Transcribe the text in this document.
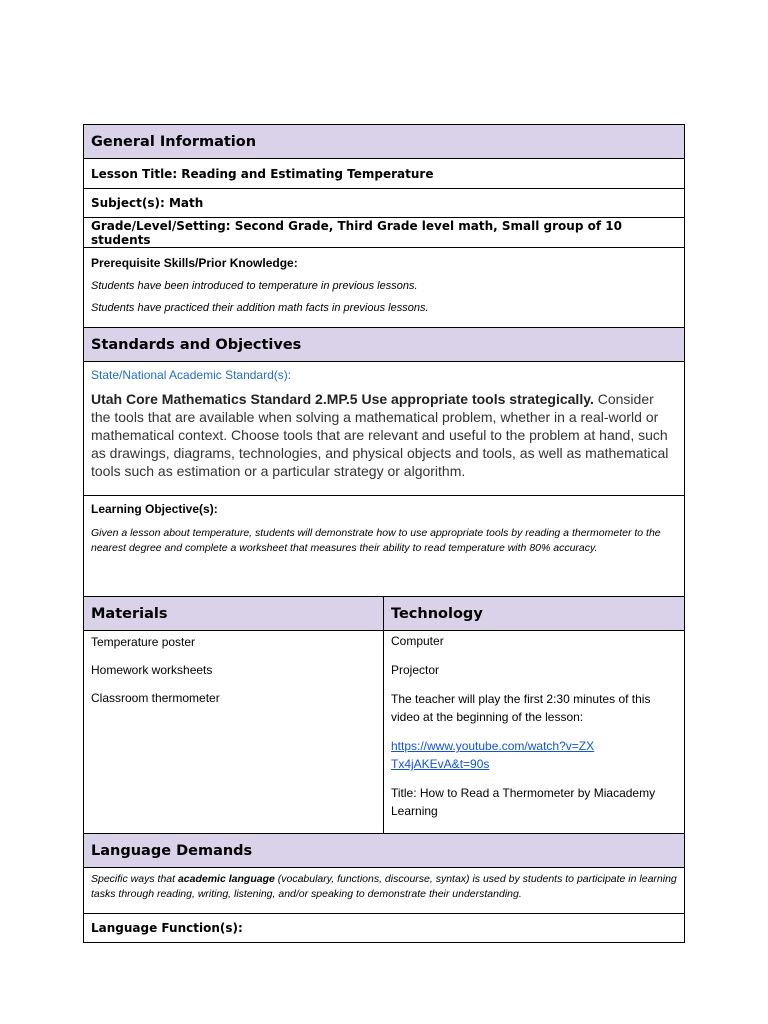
General Information
Lesson Title: Reading and Estimating Temperature
Subject(s): Math
Grade/Level/Setting: Second Grade, Third Grade level math, Small group of 10 students
Prerequisite Skills/Prior Knowledge:
Students have been introduced to temperature in previous lessons.
Students have practiced their addition math facts in previous lessons.
Standards and Objectives
State/National Academic Standard(s):
Utah Core Mathematics Standard 2.MP.5 Use appropriate tools strategically. Consider the tools that are available when solving a mathematical problem, whether in a real-world or mathematical context. Choose tools that are relevant and useful to the problem at hand, such as drawings, diagrams, technologies, and physical objects and tools, as well as mathematical tools such as estimation or a particular strategy or algorithm.
Learning Objective(s):
Given a lesson about temperature, students will demonstrate how to use appropriate tools by reading a thermometer to the nearest degree and complete a worksheet that measures their ability to read temperature with 80% accuracy.
Materials	Technology
Temperature poster
Homework worksheets
Classroom thermometer
Computer
Projector
The teacher will play the first 2:30 minutes of this video at the beginning of the lesson:
https://www.youtube.com/watch?v=ZXTx4jAKEvA&t=90s
Title: How to Read a Thermometer by Miacademy Learning
Language Demands
Specific ways that academic language (vocabulary, functions, discourse, syntax) is used by students to participate in learning tasks through reading, writing, listening, and/or speaking to demonstrate their understanding.
Language Function(s):
